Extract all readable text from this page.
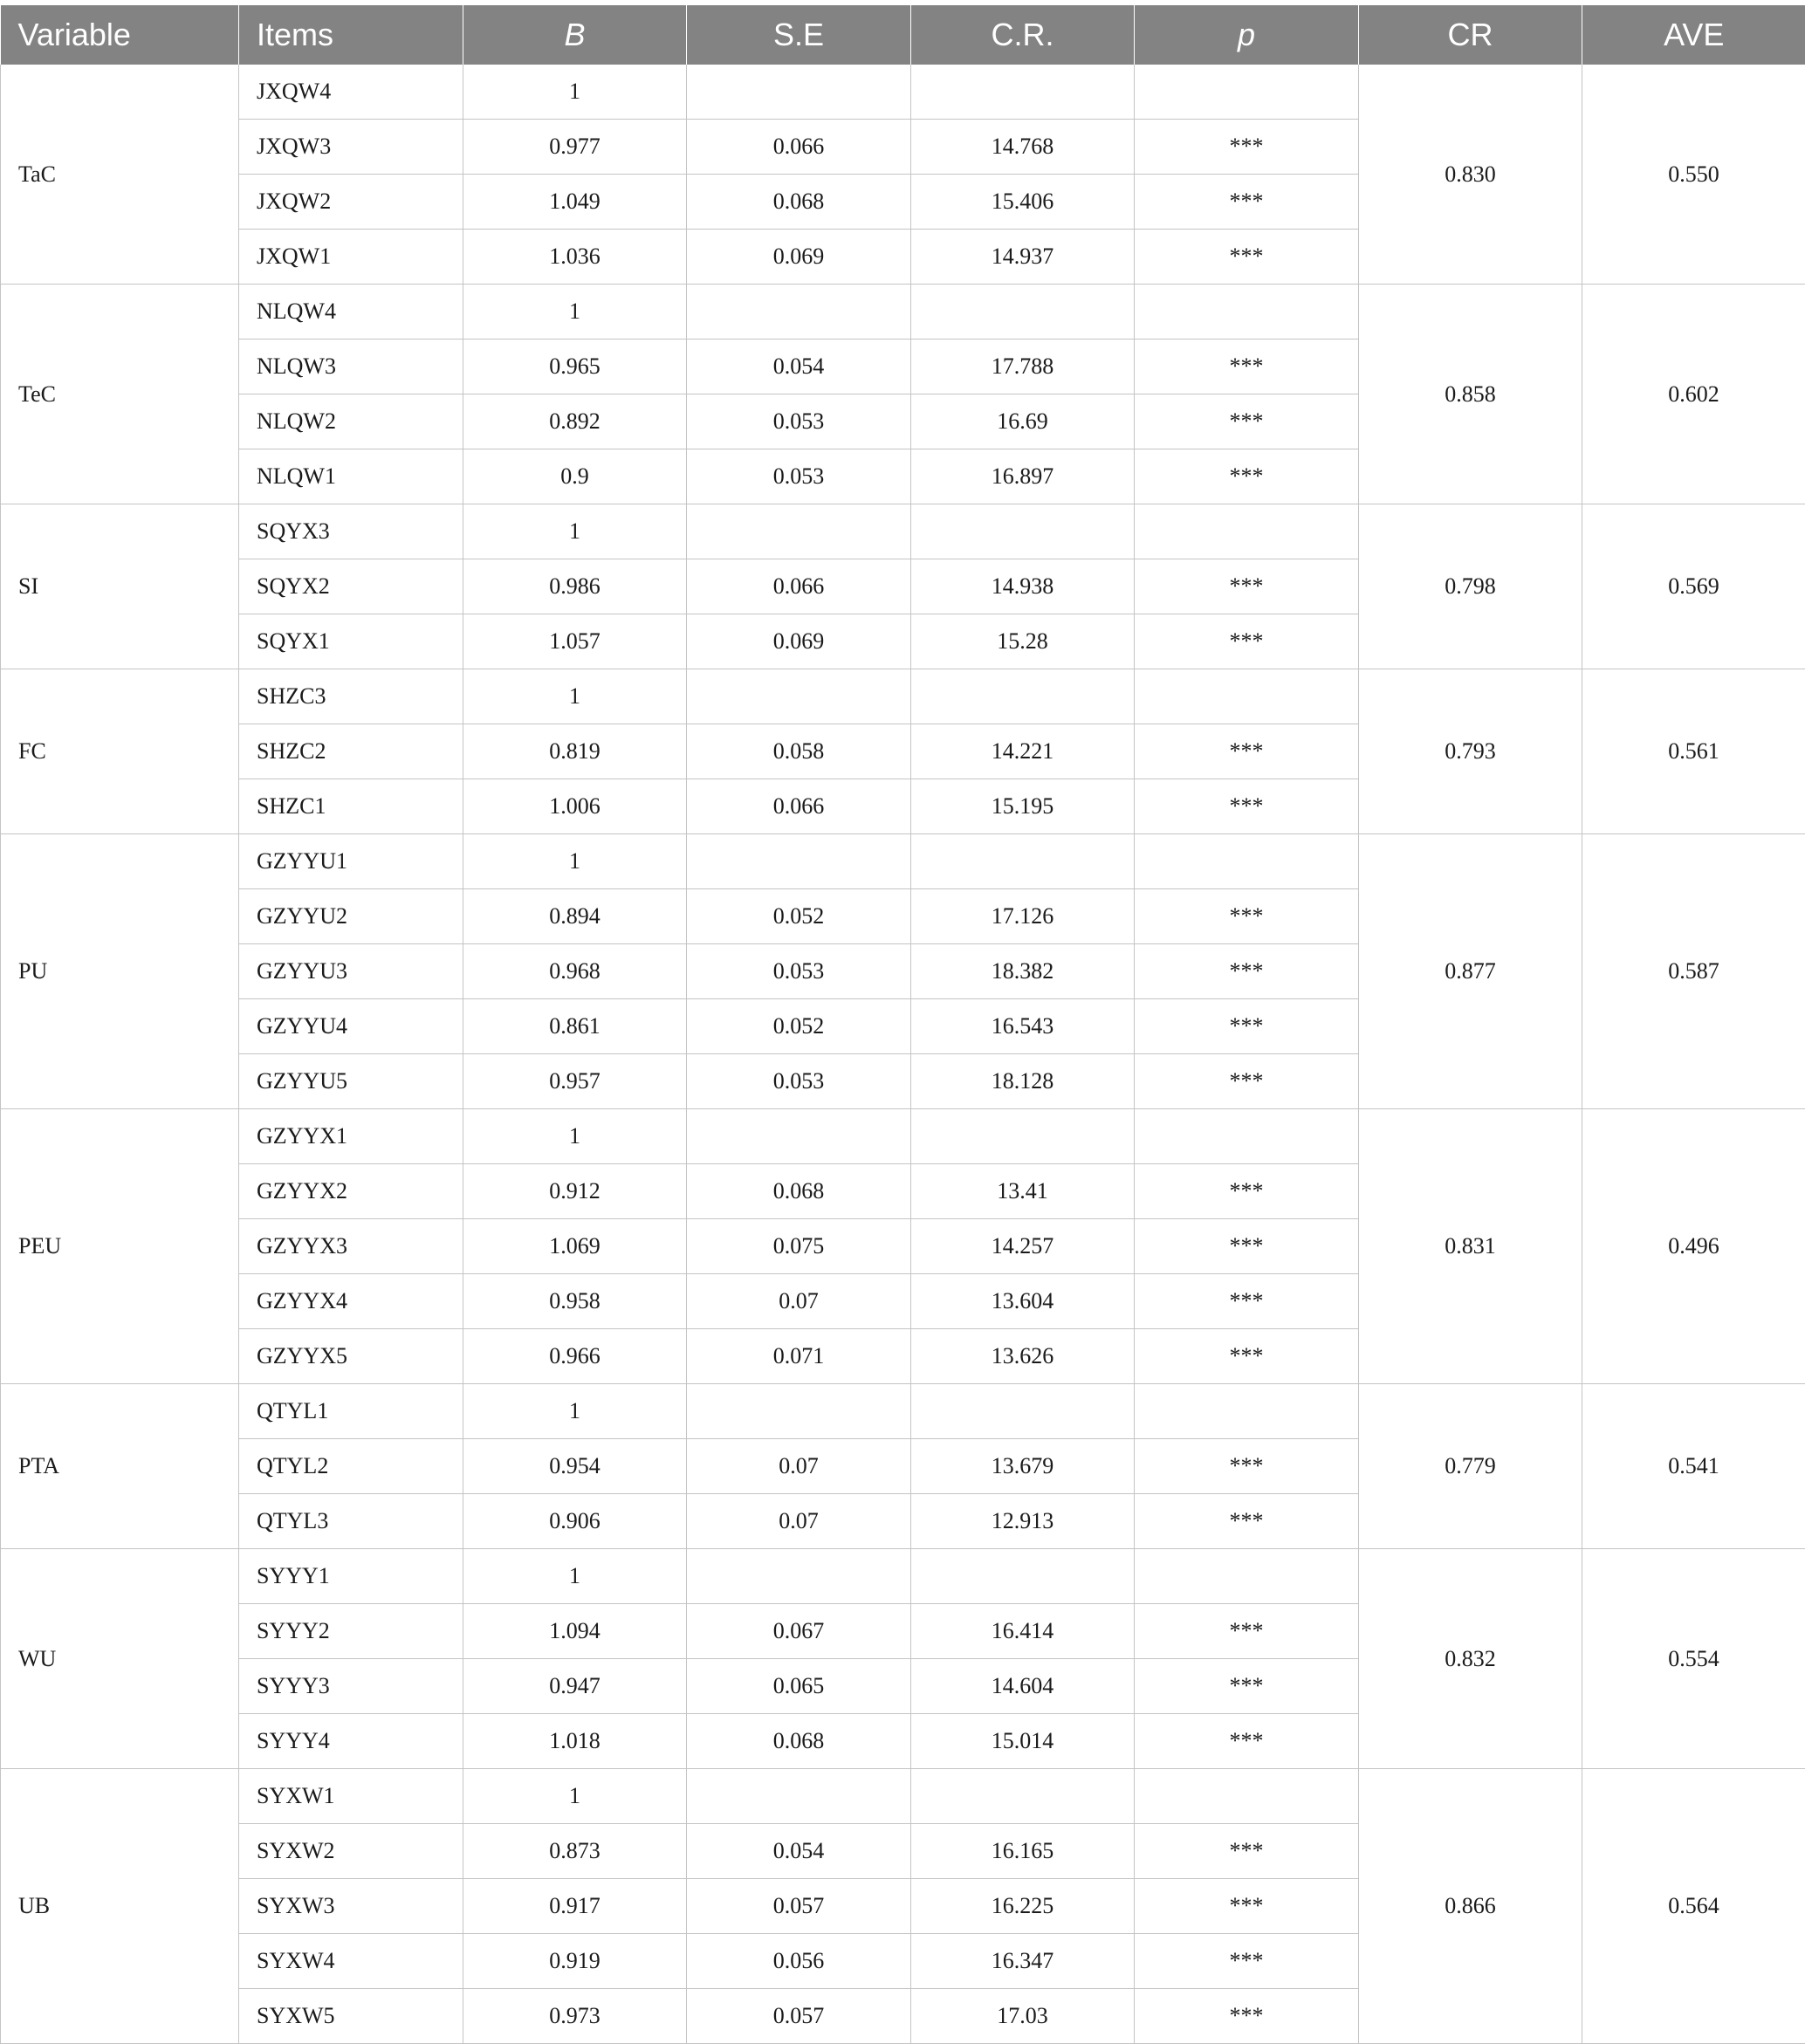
Variable	Items	B	S.E	C.R.	p	CR	AVE
TaC	JXQW4	1				0.830	0.550
	JXQW3	0.977	0.066	14.768	***		
	JXQW2	1.049	0.068	15.406	***		
	JXQW1	1.036	0.069	14.937	***		
TeC	NLQW4	1				0.858	0.602
	NLQW3	0.965	0.054	17.788	***		
	NLQW2	0.892	0.053	16.69	***		
	NLQW1	0.9	0.053	16.897	***		
SI	SQYX3	1					
	SQYX2	0.986	0.066	14.938	***	0.798	0.569
	SQYX1	1.057	0.069	15.28	***		
FC	SHZC3	1					
	SHZC2	0.819	0.058	14.221	***	0.793	0.561
	SHZC1	1.006	0.066	15.195	***		
PU	GZYYU1	1				0.877	0.587
	GZYYU2	0.894	0.052	17.126	***		
	GZYYU3	0.968	0.053	18.382	***		
	GZYYU4	0.861	0.052	16.543	***		
	GZYYU5	0.957	0.053	18.128	***		
PEU	GZYYX1	1				0.831	0.496
	GZYYX2	0.912	0.068	13.41	***		
	GZYYX3	1.069	0.075	14.257	***		
	GZYYX4	0.958	0.07	13.604	***		
	GZYYX5	0.966	0.071	13.626	***		
PTA	QTYL1	1					
	QTYL2	0.954	0.07	13.679	***	0.779	0.541
	QTYL3	0.906	0.07	12.913	***		
WU	SYYY1	1				0.832	0.554
	SYYY2	1.094	0.067	16.414	***		
	SYYY3	0.947	0.065	14.604	***		
	SYYY4	1.018	0.068	15.014	***		
UB	SYXW1	1				0.866	0.564
	SYXW2	0.873	0.054	16.165	***		
	SYXW3	0.917	0.057	16.225	***		
	SYXW4	0.919	0.056	16.347	***		
	SYXW5	0.973	0.057	17.03	***		
